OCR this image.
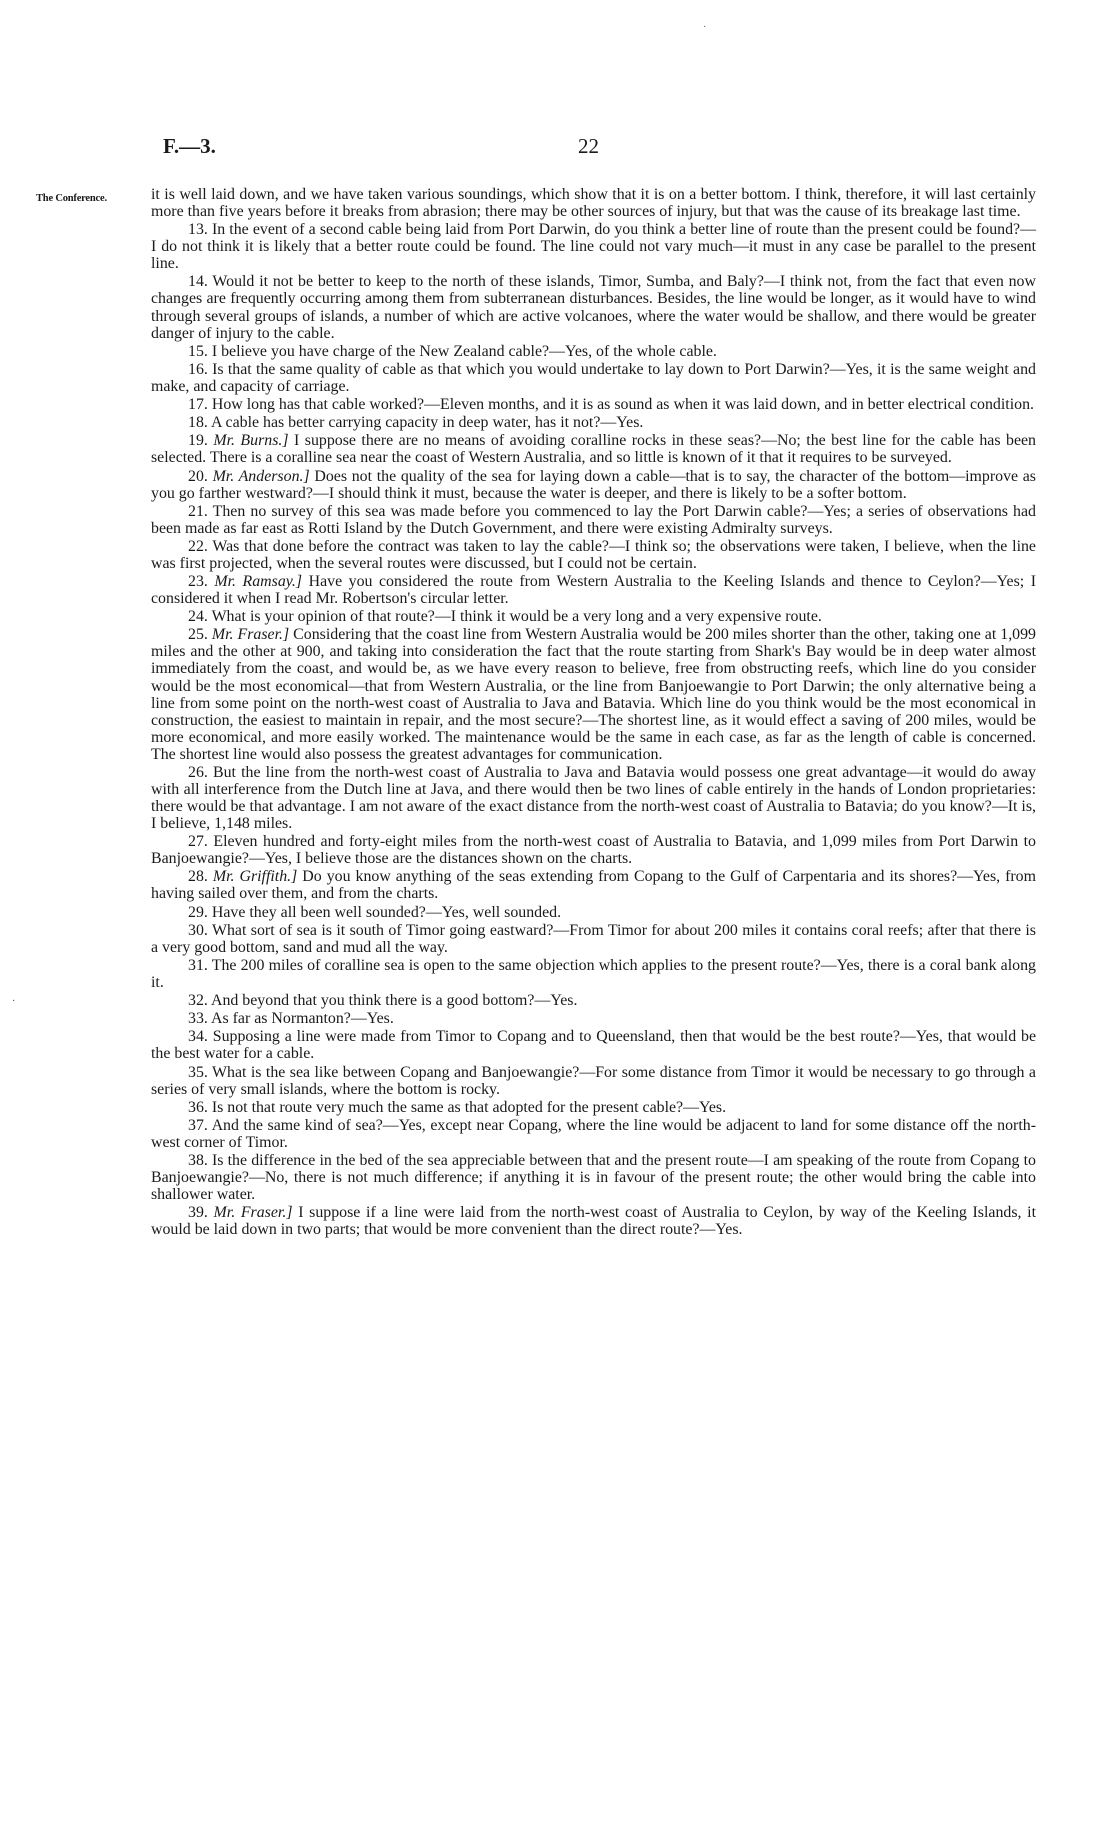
·
F.—3.	22
The Conference.
·

it is well laid down, and we have taken various soundings, which show that it is on a better bottom. I think, therefore, it will last certainly more than five years before it breaks from abrasion; there may be other sources of injury, but that was the cause of its breakage last time.

13. In the event of a second cable being laid from Port Darwin, do you think a better line of route than the present could be found?—I do not think it is likely that a better route could be found. The line could not vary much—it must in any case be parallel to the present line.

14. Would it not be better to keep to the north of these islands, Timor, Sumba, and Baly?—I think not, from the fact that even now changes are frequently occurring among them from subterranean disturbances. Besides, the line would be longer, as it would have to wind through several groups of islands, a number of which are active volcanoes, where the water would be shallow, and there would be greater danger of injury to the cable.

15. I believe you have charge of the New Zealand cable?—Yes, of the whole cable.

16. Is that the same quality of cable as that which you would undertake to lay down to Port Darwin?—Yes, it is the same weight and make, and capacity of carriage.

17. How long has that cable worked?—Eleven months, and it is as sound as when it was laid down, and in better electrical condition.

18. A cable has better carrying capacity in deep water, has it not?—Yes.

19. Mr. Burns.] I suppose there are no means of avoiding coralline rocks in these seas?—No; the best line for the cable has been selected. There is a coralline sea near the coast of Western Australia, and so little is known of it that it requires to be surveyed.

20. Mr. Anderson.] Does not the quality of the sea for laying down a cable—that is to say, the character of the bottom—improve as you go farther westward?—I should think it must, because the water is deeper, and there is likely to be a softer bottom.

21. Then no survey of this sea was made before you commenced to lay the Port Darwin cable?—Yes; a series of observations had been made as far east as Rotti Island by the Dutch Government, and there were existing Admiralty surveys.

22. Was that done before the contract was taken to lay the cable?—I think so; the observations were taken, I believe, when the line was first projected, when the several routes were discussed, but I could not be certain.

23. Mr. Ramsay.] Have you considered the route from Western Australia to the Keeling Islands and thence to Ceylon?—Yes; I considered it when I read Mr. Robertson's circular letter.

24. What is your opinion of that route?—I think it would be a very long and a very expensive route.

25. Mr. Fraser.] Considering that the coast line from Western Australia would be 200 miles shorter than the other, taking one at 1,099 miles and the other at 900, and taking into consideration the fact that the route starting from Shark's Bay would be in deep water almost immediately from the coast, and would be, as we have every reason to believe, free from obstructing reefs, which line do you consider would be the most economical—that from Western Australia, or the line from Banjoewangie to Port Darwin; the only alternative being a line from some point on the north-west coast of Australia to Java and Batavia. Which line do you think would be the most economical in construction, the easiest to maintain in repair, and the most secure?—The shortest line, as it would effect a saving of 200 miles, would be more economical, and more easily worked. The maintenance would be the same in each case, as far as the length of cable is concerned. The shortest line would also possess the greatest advantages for communication.

26. But the line from the north-west coast of Australia to Java and Batavia would possess one great advantage—it would do away with all interference from the Dutch line at Java, and there would then be two lines of cable entirely in the hands of London proprietaries: there would be that advantage. I am not aware of the exact distance from the north-west coast of Australia to Batavia; do you know?—It is, I believe, 1,148 miles.

27. Eleven hundred and forty-eight miles from the north-west coast of Australia to Batavia, and 1,099 miles from Port Darwin to Banjoewangie?—Yes, I believe those are the distances shown on the charts.

28. Mr. Griffith.] Do you know anything of the seas extending from Copang to the Gulf of Carpentaria and its shores?—Yes, from having sailed over them, and from the charts.

29. Have they all been well sounded?—Yes, well sounded.

30. What sort of sea is it south of Timor going eastward?—From Timor for about 200 miles it contains coral reefs; after that there is a very good bottom, sand and mud all the way.

31. The 200 miles of coralline sea is open to the same objection which applies to the present route?—Yes, there is a coral bank along it.

32. And beyond that you think there is a good bottom?—Yes.

33. As far as Normanton?—Yes.

34. Supposing a line were made from Timor to Copang and to Queensland, then that would be the best route?—Yes, that would be the best water for a cable.

35. What is the sea like between Copang and Banjoewangie?—For some distance from Timor it would be necessary to go through a series of very small islands, where the bottom is rocky.

36. Is not that route very much the same as that adopted for the present cable?—Yes.

37. And the same kind of sea?—Yes, except near Copang, where the line would be adjacent to land for some distance off the north-west corner of Timor.

38. Is the difference in the bed of the sea appreciable between that and the present route—I am speaking of the route from Copang to Banjoewangie?—No, there is not much difference; if anything it is in favour of the present route; the other would bring the cable into shallower water.

39. Mr. Fraser.] I suppose if a line were laid from the north-west coast of Australia to Ceylon, by way of the Keeling Islands, it would be laid down in two parts; that would be more convenient than the direct route?—Yes.
